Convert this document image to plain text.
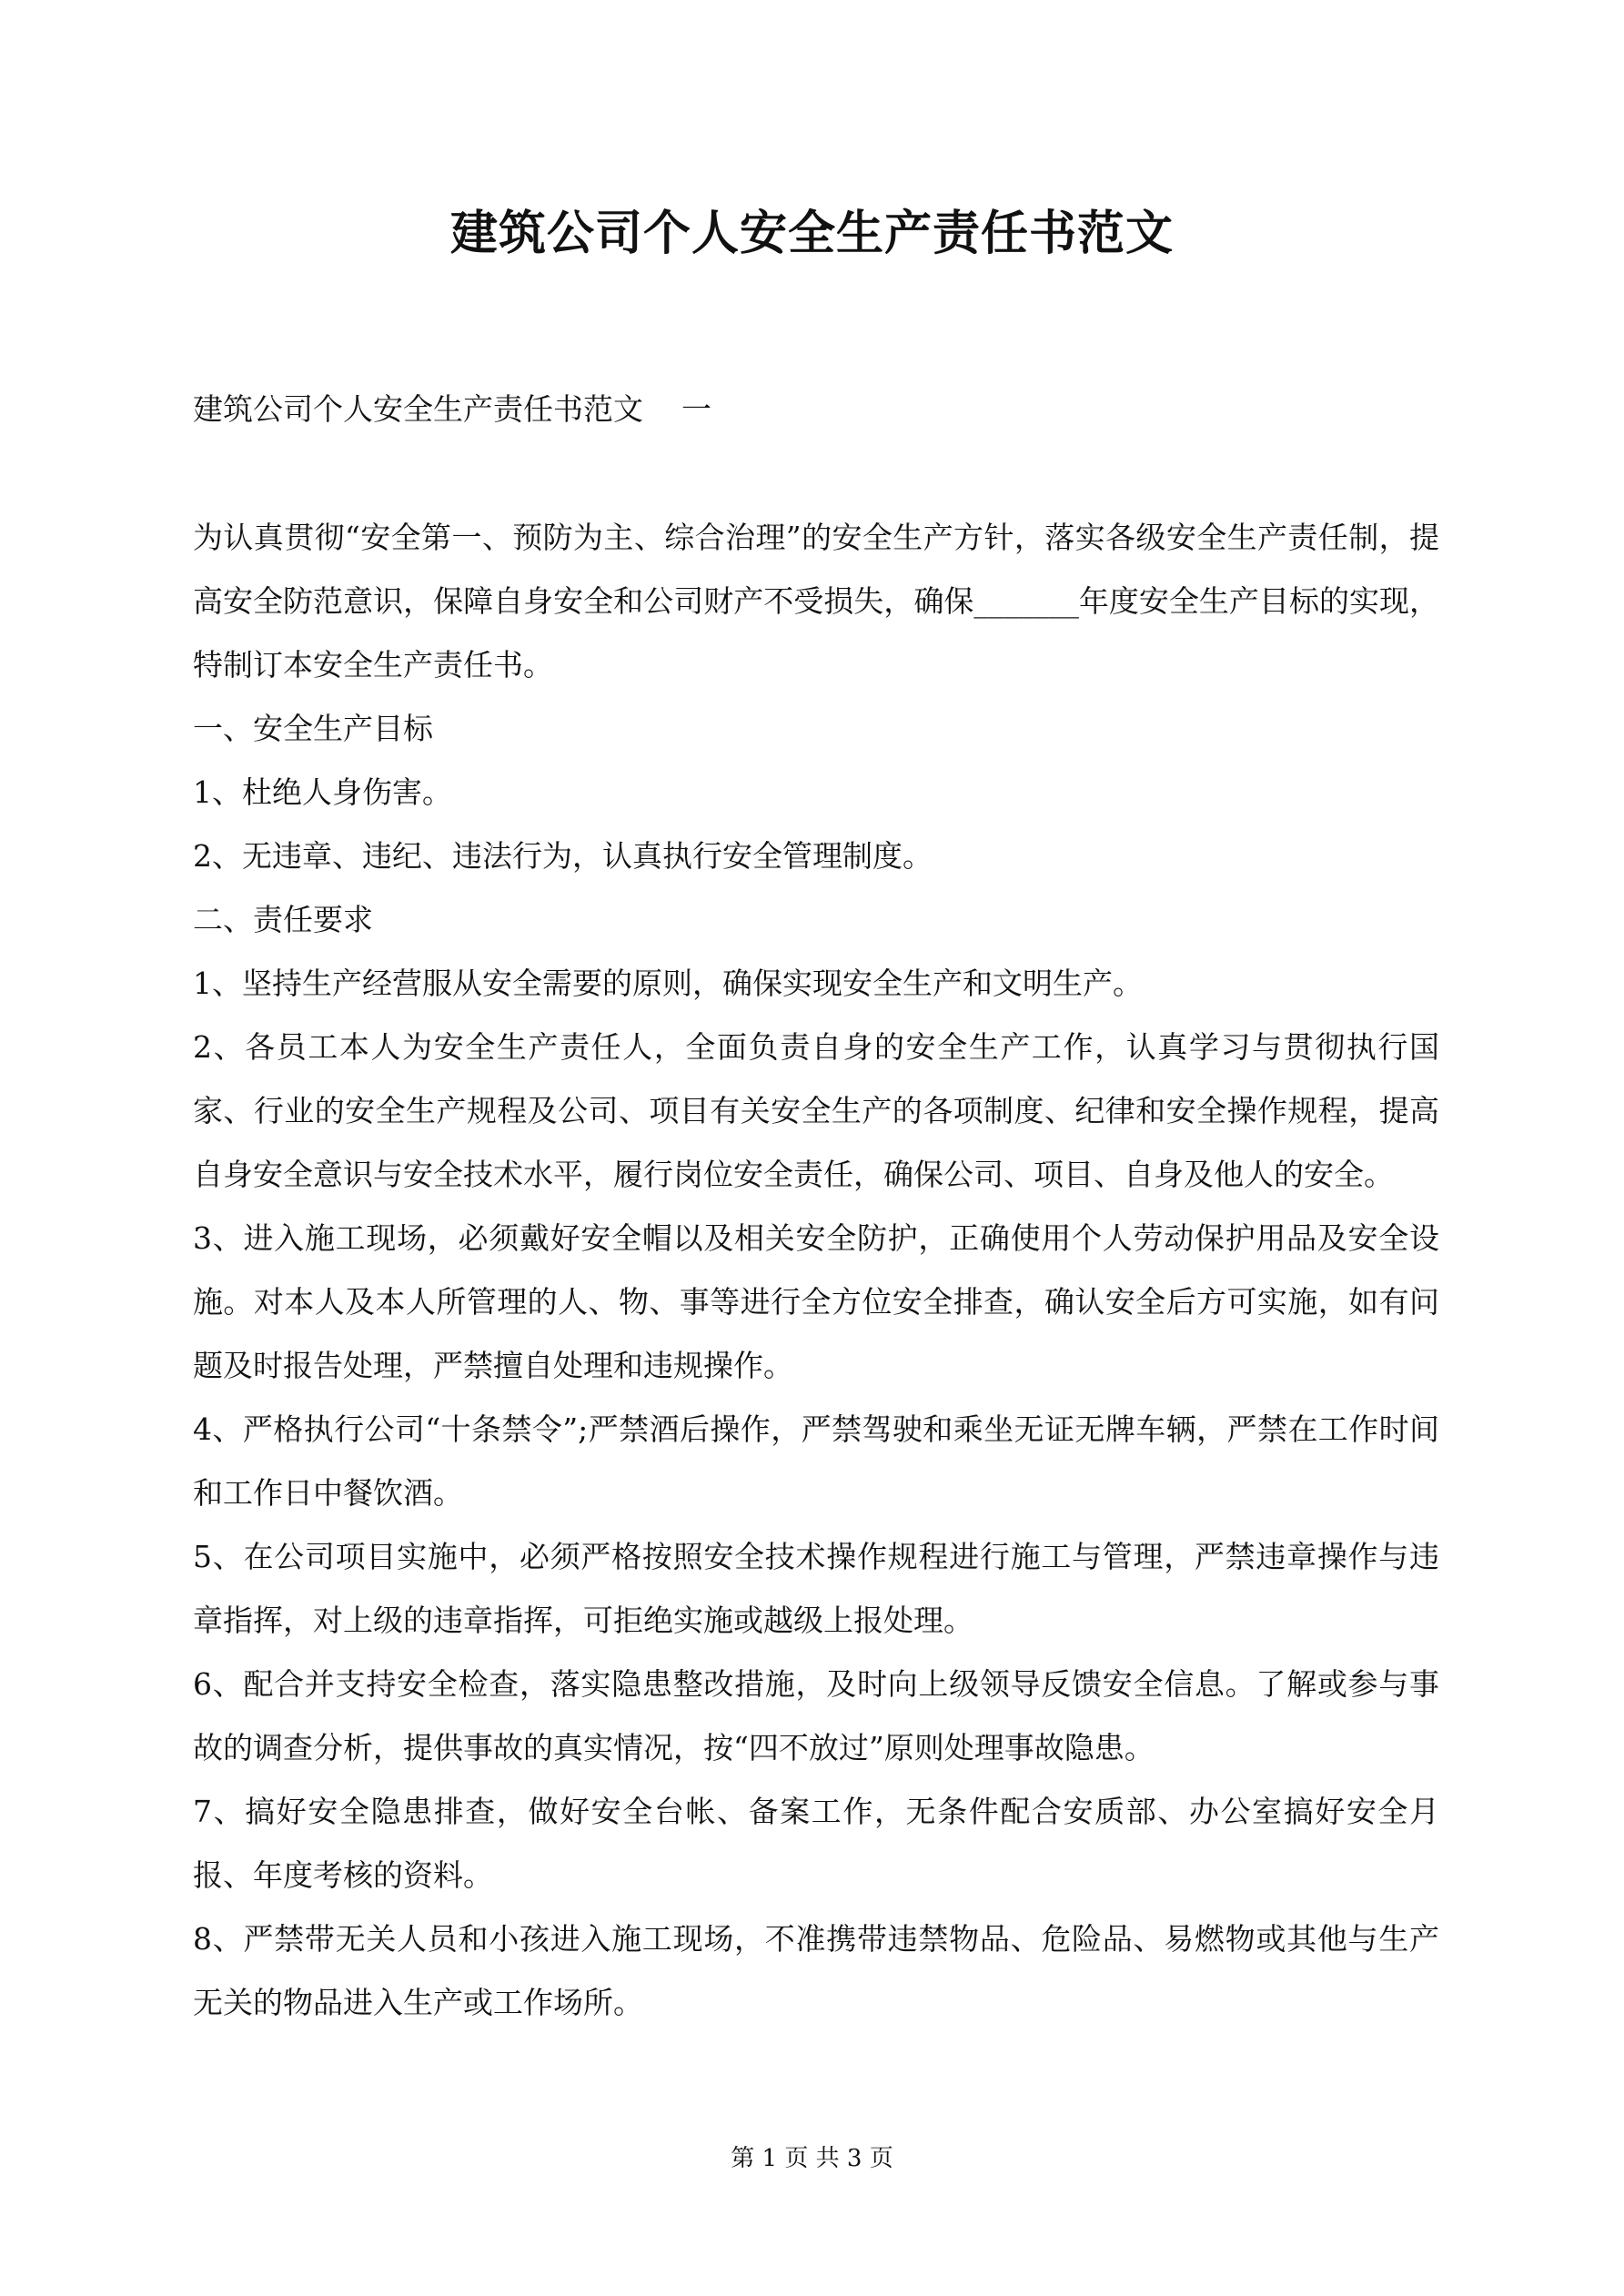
建筑公司个人安全生产责任书范文

建筑公司个人安全生产责任书范文    一

为认真贯彻“安全第一、预防为主、综合治理”的安全生产方针，落实各级安全生产责任制，提高安全防范意识，保障自身安全和公司财产不受损失，确保_______年度安全生产目标的实现，特制订本安全生产责任书。

一、安全生产目标

1、杜绝人身伤害。

2、无违章、违纪、违法行为，认真执行安全管理制度。

二、责任要求

1、坚持生产经营服从安全需要的原则，确保实现安全生产和文明生产。

2、各员工本人为安全生产责任人，全面负责自身的安全生产工作，认真学习与贯彻执行国家、行业的安全生产规程及公司、项目有关安全生产的各项制度、纪律和安全操作规程，提高自身安全意识与安全技术水平，履行岗位安全责任，确保公司、项目、自身及他人的安全。

3、进入施工现场，必须戴好安全帽以及相关安全防护，正确使用个人劳动保护用品及安全设施。对本人及本人所管理的人、物、事等进行全方位安全排查，确认安全后方可实施，如有问题及时报告处理，严禁擅自处理和违规操作。

4、严格执行公司“十条禁令”;严禁酒后操作，严禁驾驶和乘坐无证无牌车辆，严禁在工作时间和工作日中餐饮酒。

5、在公司项目实施中，必须严格按照安全技术操作规程进行施工与管理，严禁违章操作与违章指挥，对上级的违章指挥，可拒绝实施或越级上报处理。

6、配合并支持安全检查，落实隐患整改措施，及时向上级领导反馈安全信息。了解或参与事故的调查分析，提供事故的真实情况，按“四不放过”原则处理事故隐患。

7、搞好安全隐患排查，做好安全台帐、备案工作，无条件配合安质部、办公室搞好安全月报、年度考核的资料。

8、严禁带无关人员和小孩进入施工现场，不准携带违禁物品、危险品、易燃物或其他与生产无关的物品进入生产或工作场所。

第 1 页 共 3 页
